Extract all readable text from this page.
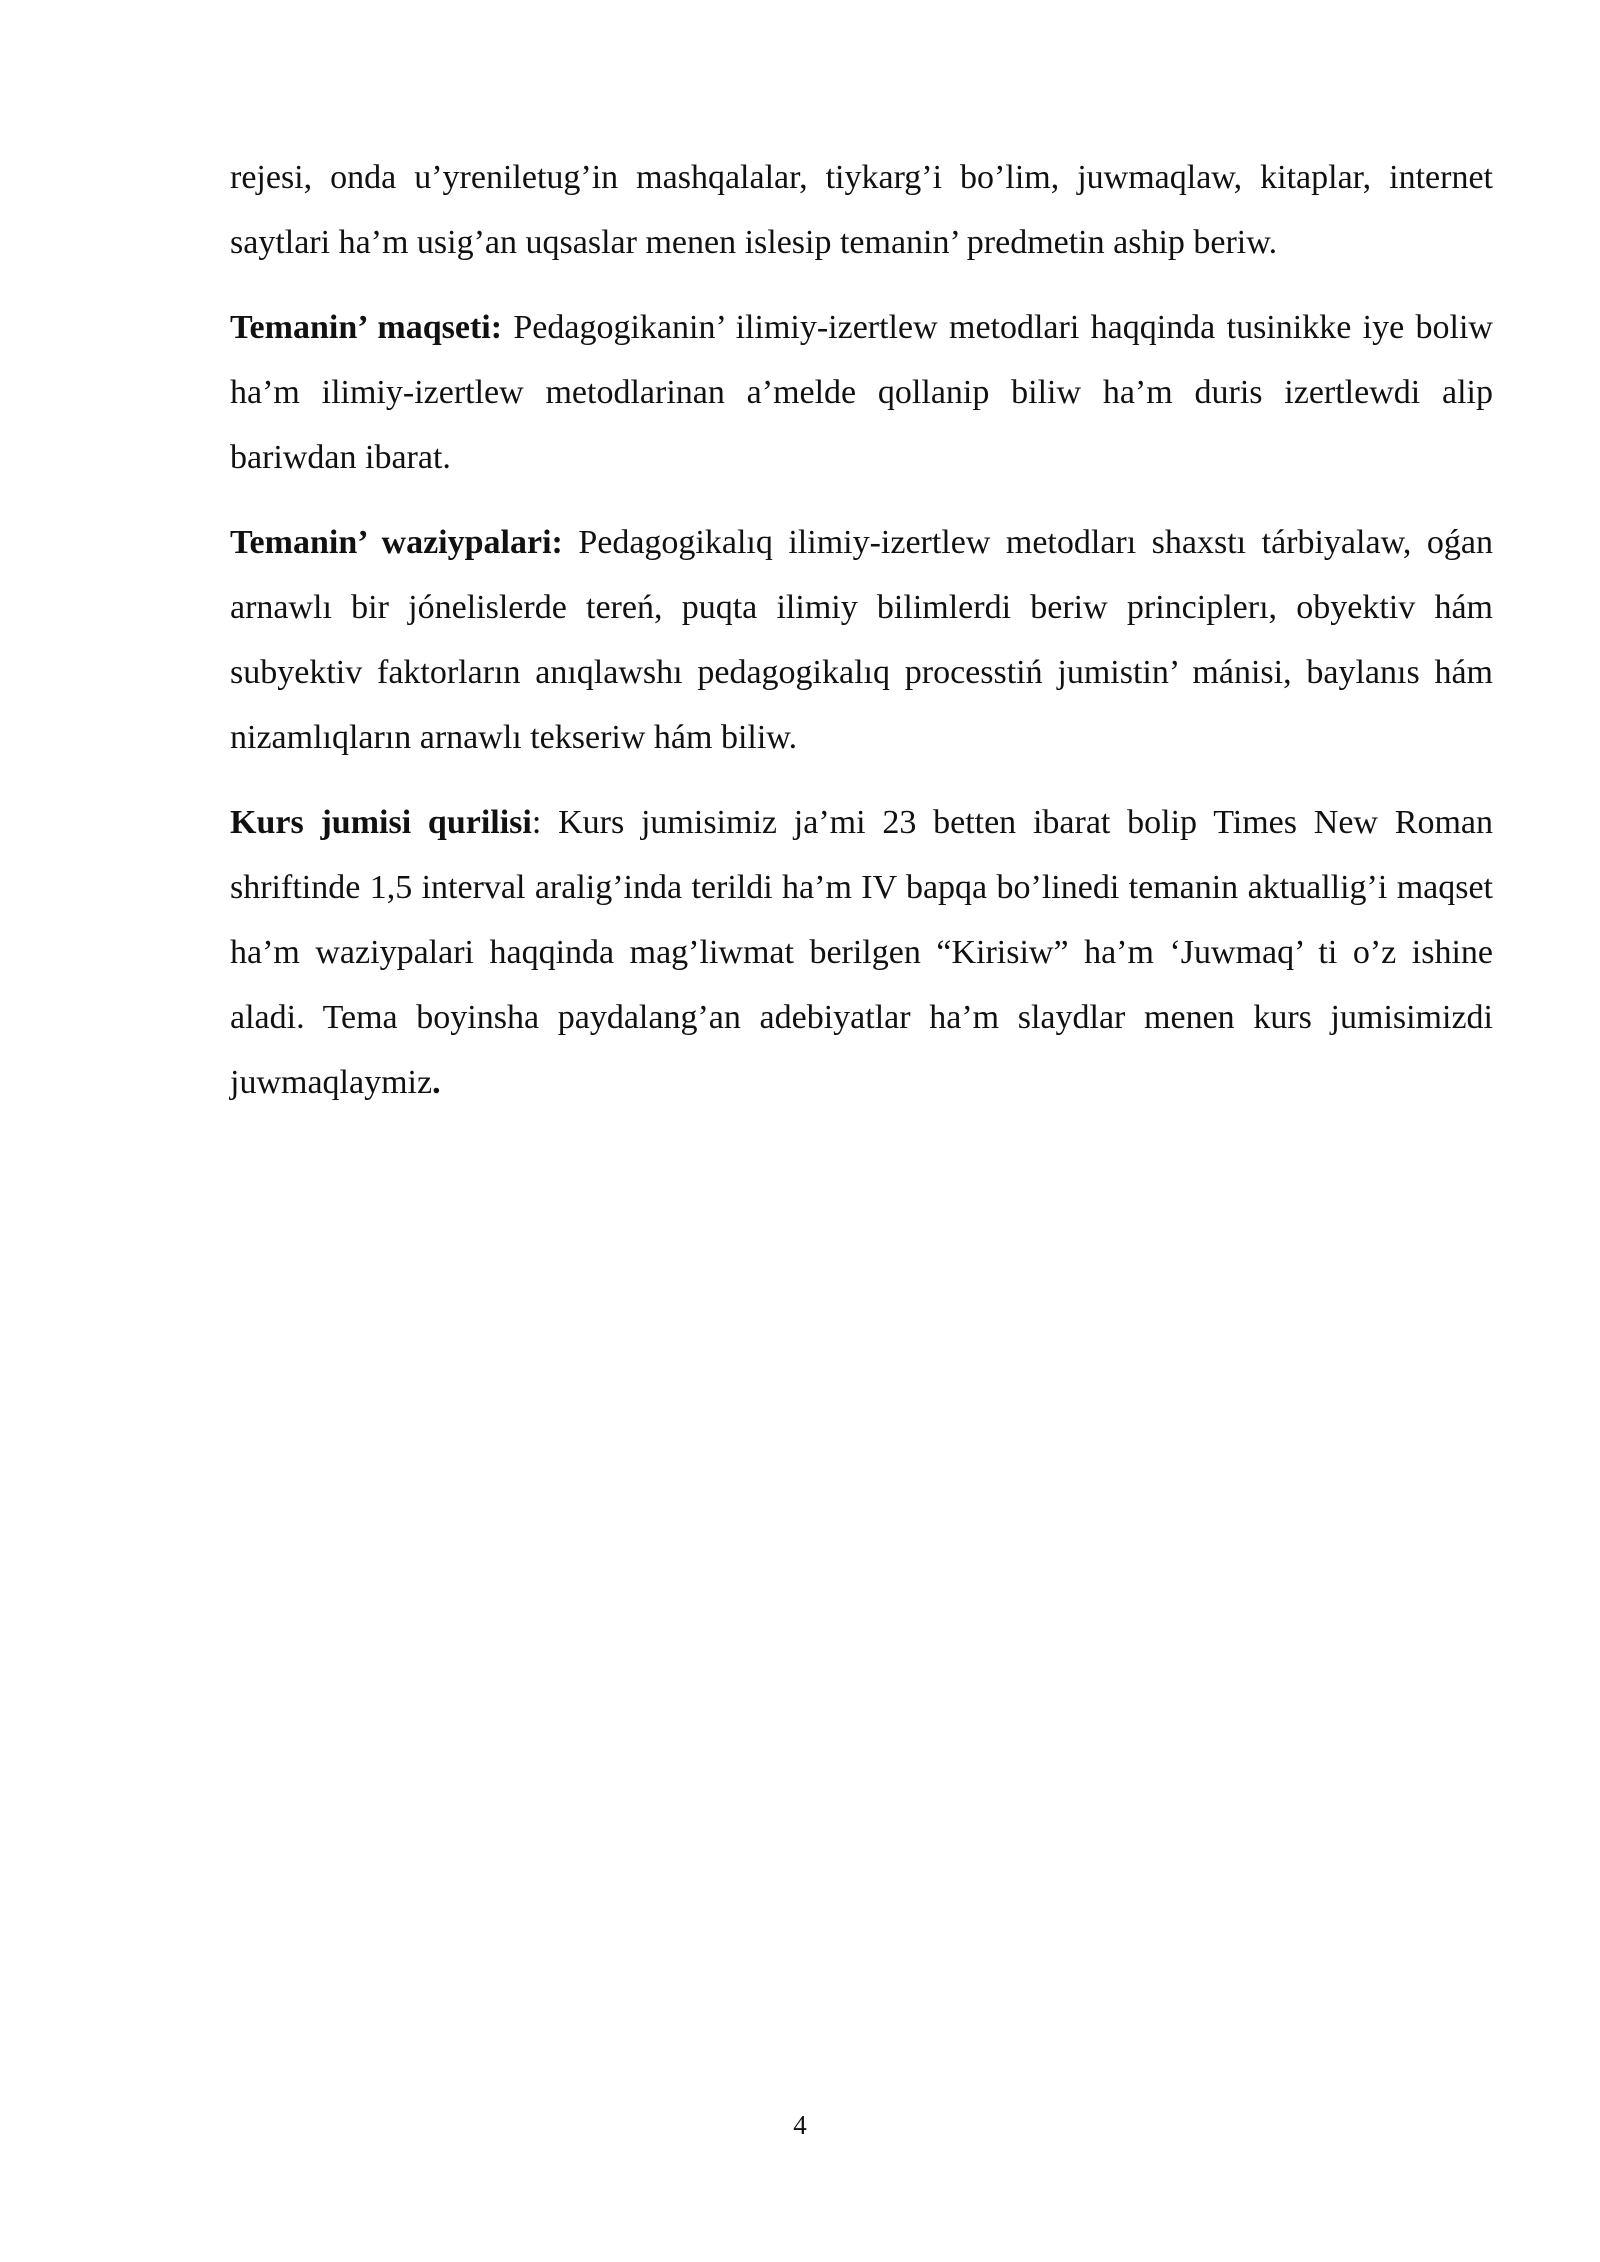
rejesi, onda u’yreniletug’in mashqalalar, tiykarg’i bo’lim, juwmaqlaw, kitaplar, internet saytlari ha’m usig’an uqsaslar menen islesip temanin’ predmetin aship beriw.

Temanin’ maqseti: Pedagogikanin’ ilimiy-izertlew metodlari haqqinda tusinikke iye boliw ha’m ilimiy-izertlew metodlarinan a’melde qollanip biliw ha’m duris izertlewdi alip bariwdan ibarat.

Temanin’ waziypalari: Pedagogikalıq ilimiy-izertlew metodları shaxstı tárbiyalaw, oǵan arnawlı bir jónelislerde tereń, puqta ilimiy bilimlerdi beriw principlerı, obyektiv hám subyektiv faktorların anıqlawshı pedagogikalıq processtiń jumistin’ mánisi, baylanıs hám nizamlıqların arnawlı tekseriw hám biliw.

Kurs jumisi qurilisi: Kurs jumisimiz ja’mi 23 betten ibarat bolip Times New Roman shriftinde 1,5 interval aralig’inda terildi ha’m IV bapqa bo’linedi temanin aktuallig’i maqset ha’m waziypalari haqqinda mag’liwmat berilgen “Kirisiw” ha’m ‘Juwmaq’ ti o’z ishine aladi. Tema boyinsha paydalang’an adebiyatlar ha’m slaydlar menen kurs jumisimizdi juwmaqlaymiz.

4
